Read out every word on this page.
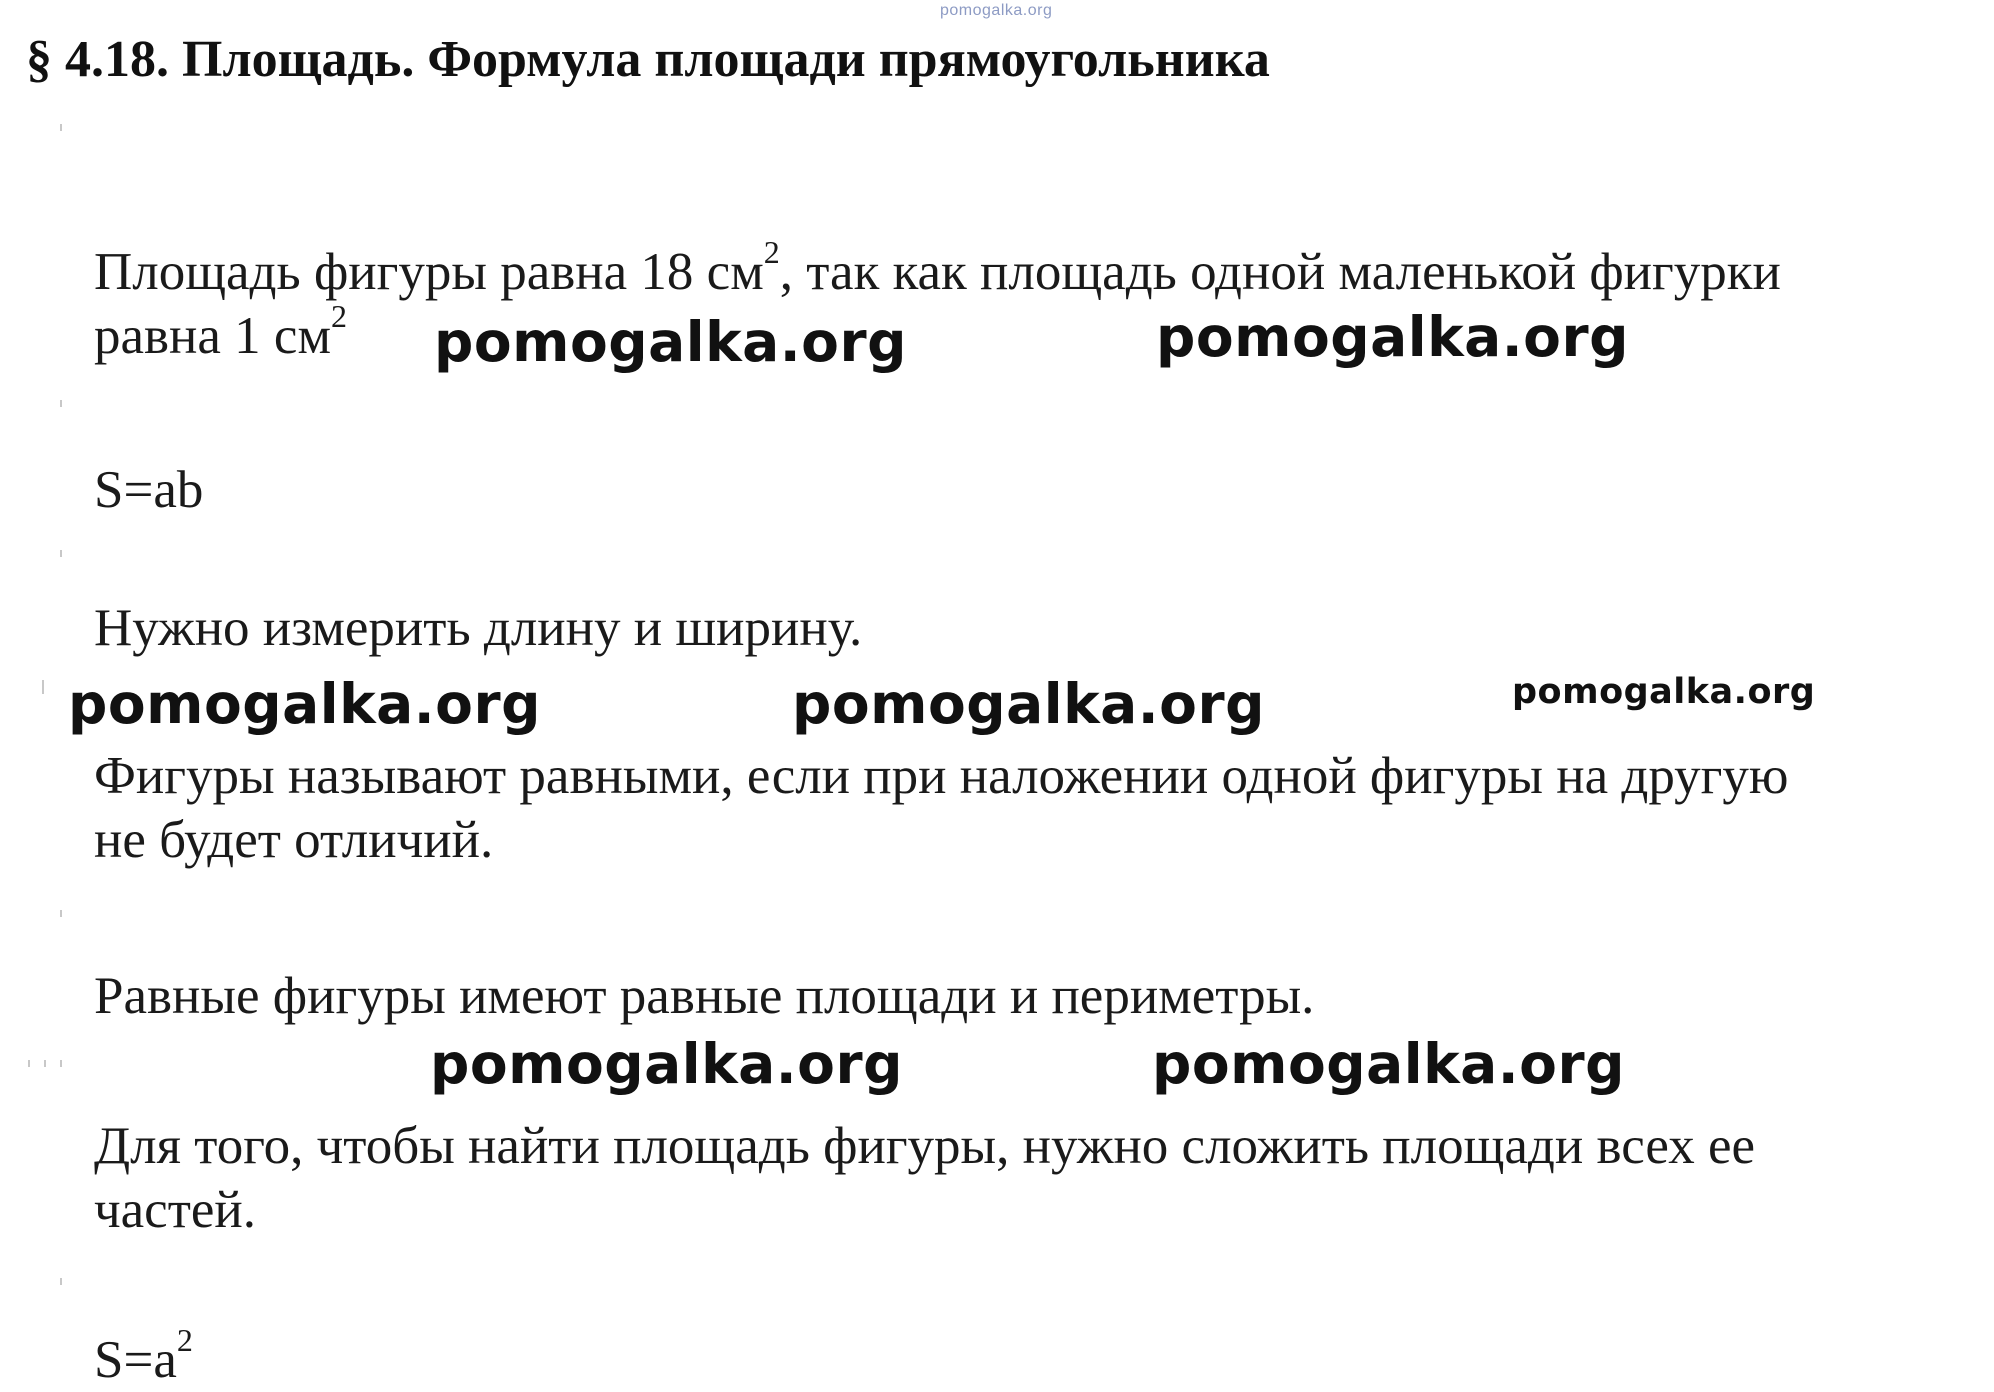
pomogalka.org
§ 4.18. Площадь. Формула площади прямоугольника

Площадь фигуры равна 18 $см^2$, так как площадь одной маленькой фигурки
равна 1 $см^2$

S=ab

Нужно измерить длину и ширину.

Фигуры называют равными, если при наложении одной фигуры на другую
не будет отличий.

Равные фигуры имеют равные площади и периметры.

Для того, чтобы найти площадь фигуры, нужно сложить площади всех ее
частей.

$S=a^2$

pomogalka.org	pomogalka.org
pomogalka.org	pomogalka.org	pomogalka.org
pomogalka.org	pomogalka.org
